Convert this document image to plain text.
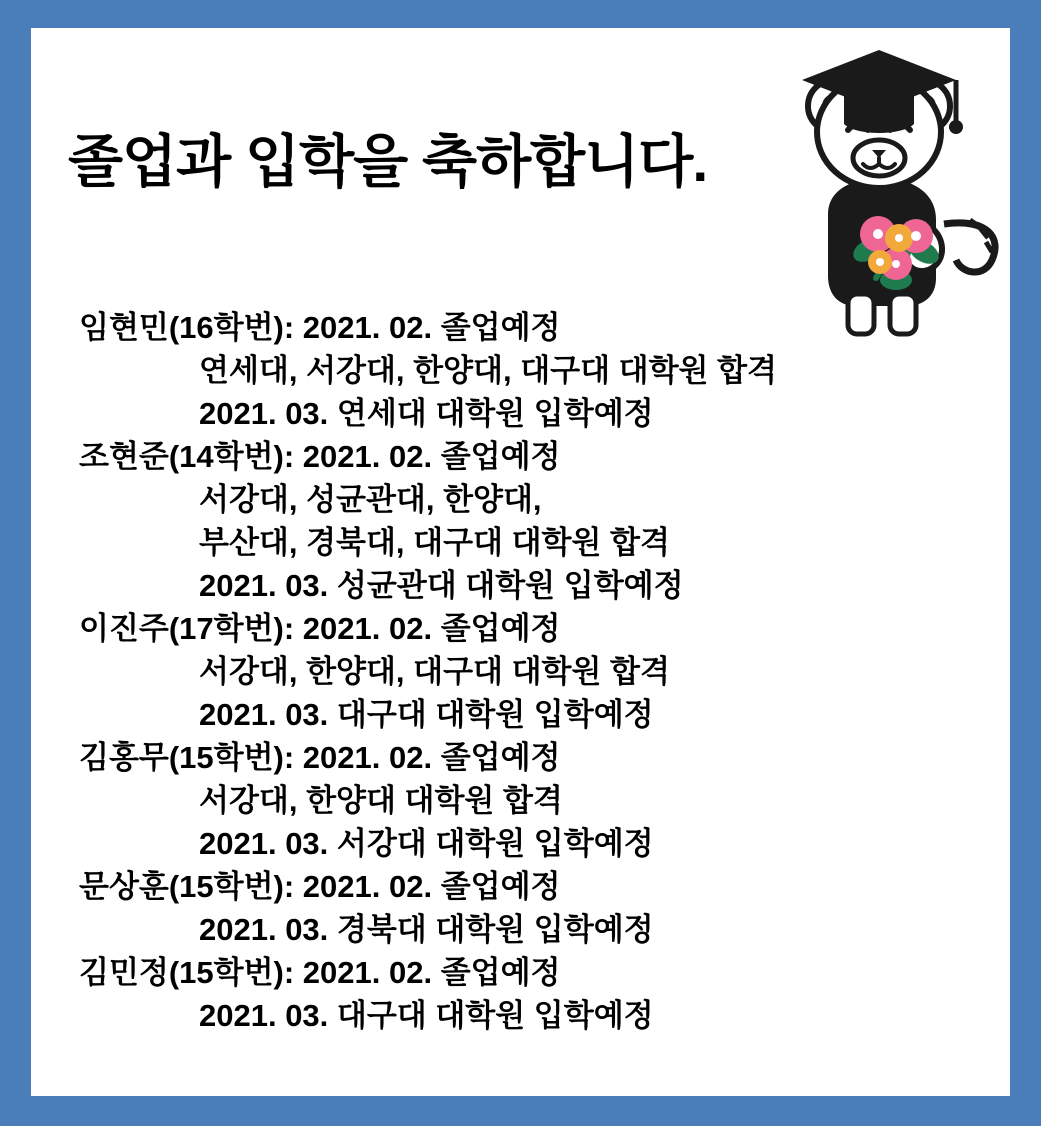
졸업과 입학을 축하합니다.
임현민(16학번): 2021. 02. 졸업예정
연세대, 서강대, 한양대, 대구대 대학원 합격
2021. 03. 연세대 대학원 입학예정
조현준(14학번): 2021. 02. 졸업예정
서강대, 성균관대, 한양대,
부산대, 경북대, 대구대 대학원 합격
2021. 03. 성균관대 대학원 입학예정
이진주(17학번): 2021. 02. 졸업예정
서강대, 한양대, 대구대 대학원 합격
2021. 03. 대구대 대학원 입학예정
김홍무(15학번): 2021. 02. 졸업예정
서강대, 한양대 대학원 합격
2021. 03. 서강대 대학원 입학예정
문상훈(15학번): 2021. 02. 졸업예정
2021. 03. 경북대 대학원 입학예정
김민정(15학번): 2021. 02. 졸업예정
2021. 03. 대구대 대학원 입학예정
